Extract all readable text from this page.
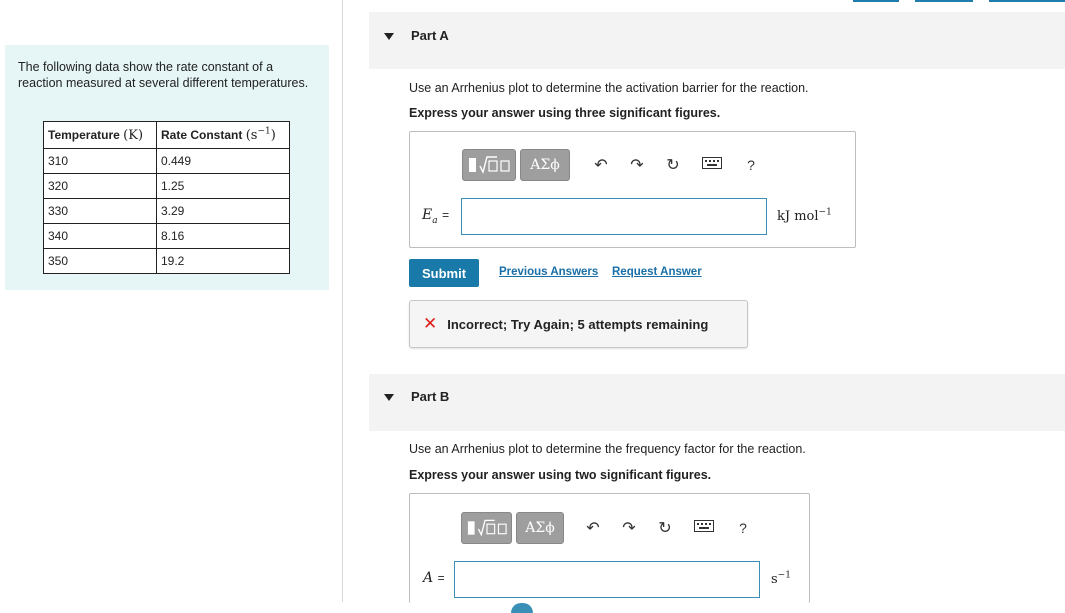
The following data show the rate constant of a reaction measured at several different temperatures.

Temperature (K)	Rate Constant $(s^{-1})$
310	0.449
320	1.25
330	3.29
340	8.16
350	19.2
Part A
Use an Arrhenius plot to determine the activation barrier for the reaction.
Express your answer using three significant figures.
ΑΣϕ	↶ ↷ ↻	?
$E_a$ =	kJ mol$^{-1}$
Submit	Previous Answers Request Answer
✕ Incorrect; Try Again; 5 attempts remaining
Part B
Use an Arrhenius plot to determine the frequency factor for the reaction.
Express your answer using two significant figures.
ΑΣϕ	↶ ↷ ↻	?
A =	$s^{-1}$
